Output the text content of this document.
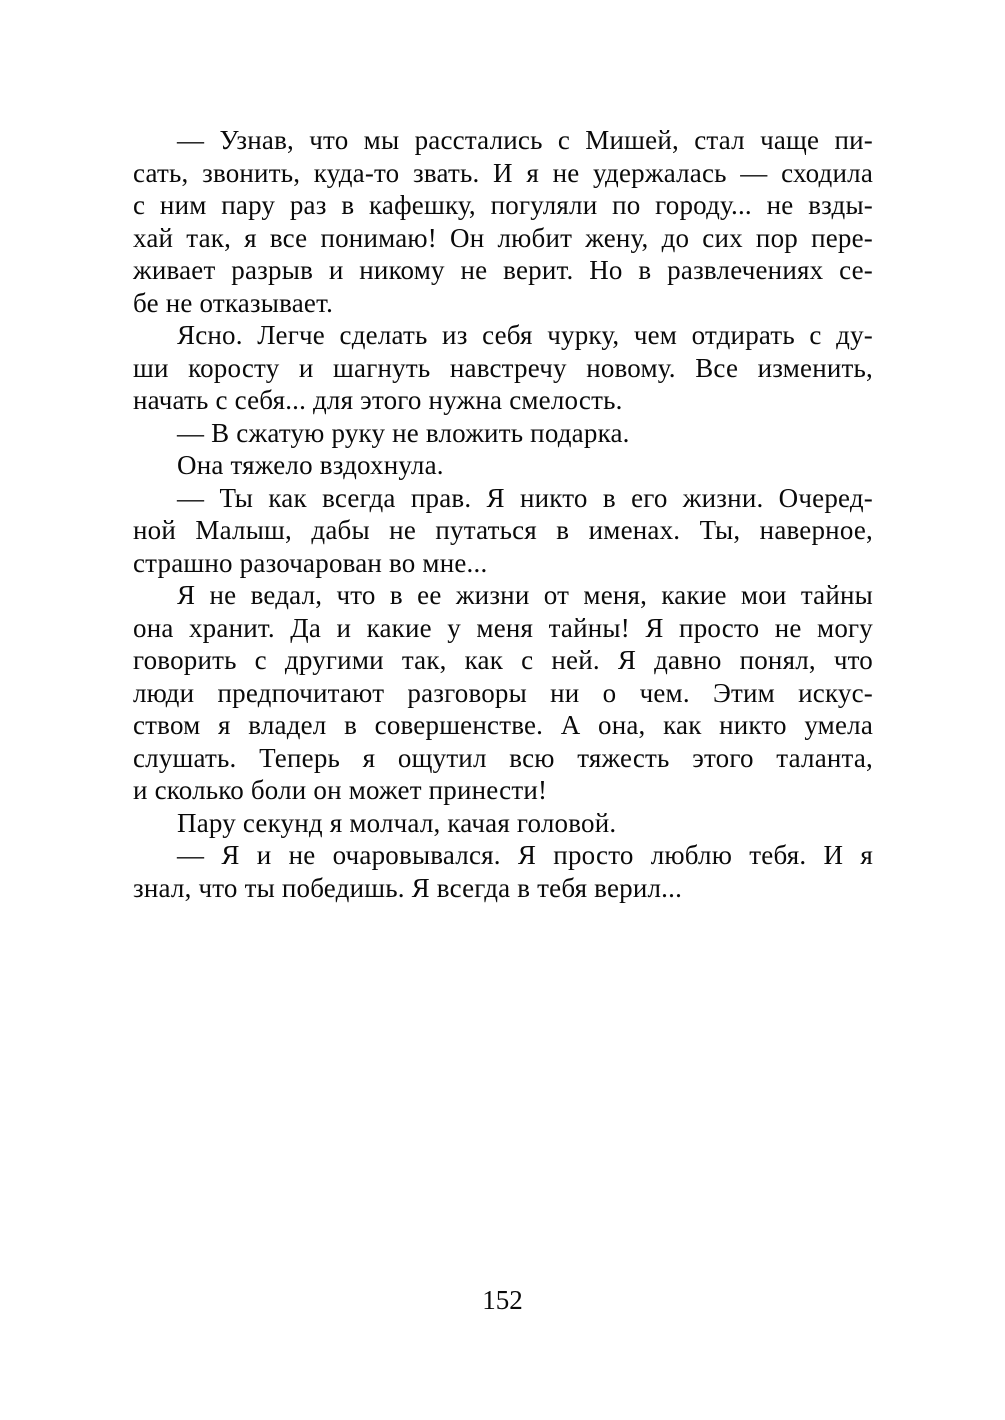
— Узнав, что мы расстались с Мишей, стал чаще пи-
сать, звонить, куда-то звать. И я не удержалась — сходила
с ним пару раз в кафешку, погуляли по городу... не взды-
хай так, я все понимаю! Он любит жену, до сих пор пере-
живает разрыв и никому не верит. Но в развлечениях се-
бе не отказывает.
Ясно. Легче сделать из себя чурку, чем отдирать с ду-
ши коросту и шагнуть навстречу новому. Все изменить,
начать с себя... для этого нужна смелость.
— В сжатую руку не вложить подарка.
Она тяжело вздохнула.
— Ты как всегда прав. Я никто в его жизни. Очеред-
ной Малыш, дабы не путаться в именах. Ты, наверное,
страшно разочарован во мне...
Я не ведал, что в ее жизни от меня, какие мои тайны
она хранит. Да и какие у меня тайны! Я просто не могу
говорить с другими так, как с ней. Я давно понял, что
люди предпочитают разговоры ни о чем. Этим искус-
ством я владел в совершенстве. А она, как никто умела
слушать. Теперь я ощутил всю тяжесть этого таланта,
и сколько боли он может принести!
Пару секунд я молчал, качая головой.
— Я и не очаровывался. Я просто люблю тебя. И я
знал, что ты победишь. Я всегда в тебя верил...
152
